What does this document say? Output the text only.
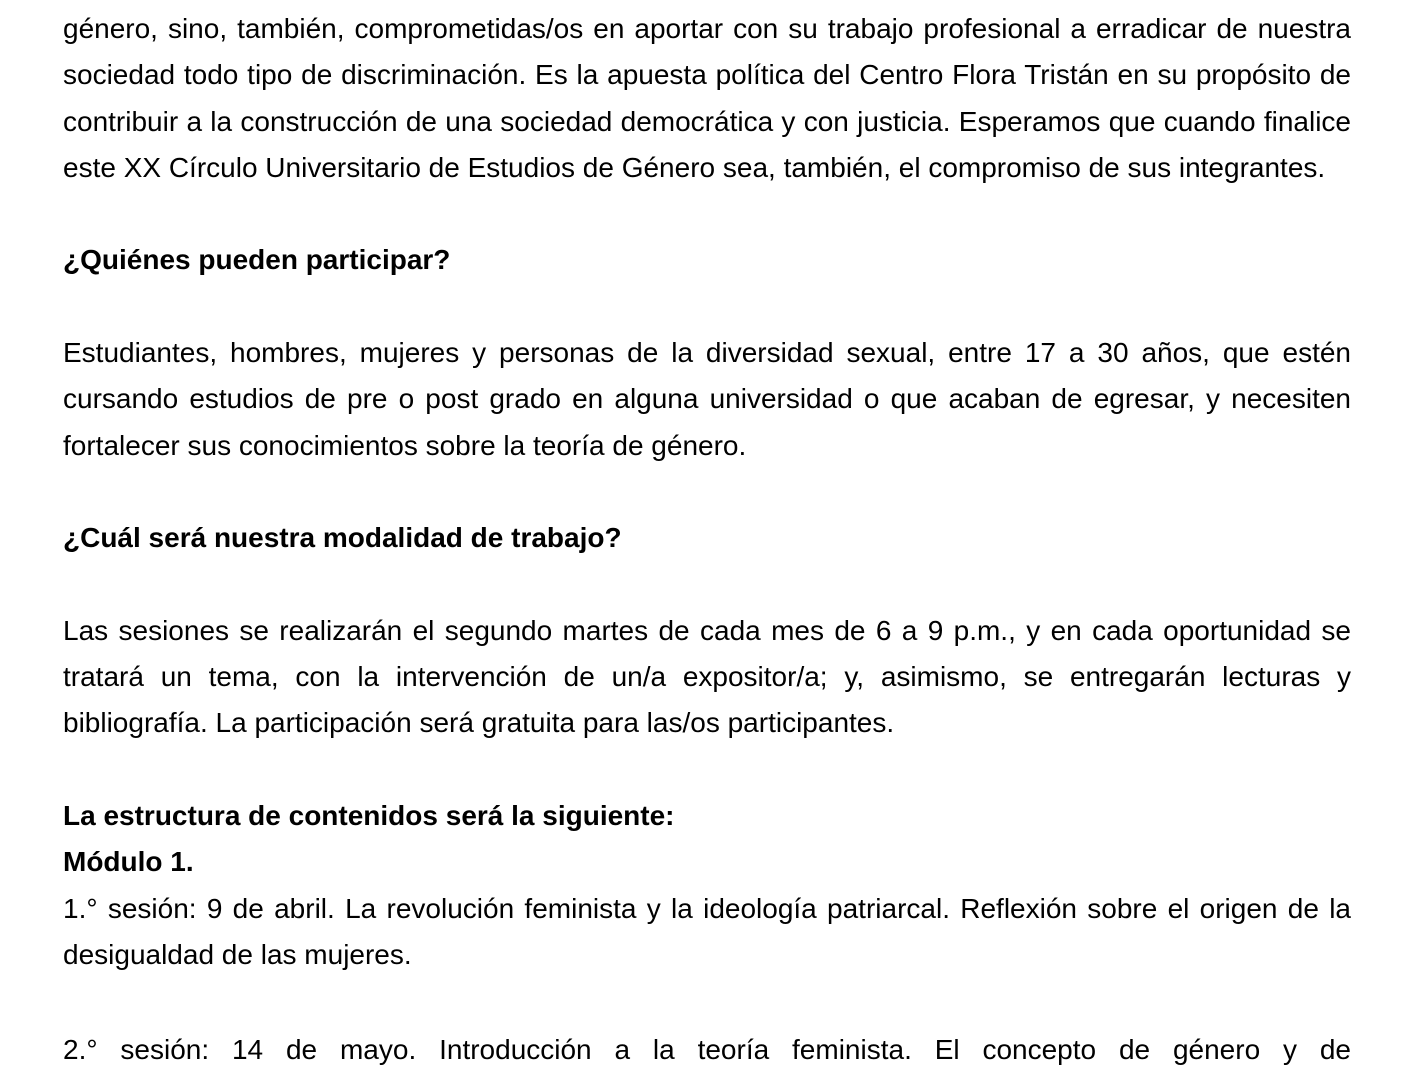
género, sino, también, comprometidas/os en aportar con su trabajo profesional a erradicar de nuestra sociedad todo tipo de discriminación. Es la apuesta política del Centro Flora Tristán en su propósito de contribuir a la construcción de una sociedad democrática y con justicia. Esperamos que cuando finalice este XX Círculo Universitario de Estudios de Género sea, también, el compromiso de sus integrantes.

¿Quiénes pueden participar?

Estudiantes, hombres, mujeres y personas de la diversidad sexual, entre 17 a 30 años, que estén cursando estudios de pre o post grado en alguna universidad o que acaban de egresar, y necesiten fortalecer sus conocimientos sobre la teoría de género.

¿Cuál será nuestra modalidad de trabajo?

Las sesiones se realizarán el segundo martes de cada mes de 6 a 9 p.m., y en cada oportunidad se tratará un tema, con la intervención de un/a expositor/a; y, asimismo, se entregarán lecturas y bibliografía. La participación será gratuita para las/os participantes.

La estructura de contenidos será la siguiente:

Módulo 1.

1.° sesión: 9 de abril. La revolución feminista y la ideología patriarcal. Reflexión sobre el origen de la desigualdad de las mujeres.

2.° sesión: 14 de mayo. Introducción a la teoría feminista. El concepto de género y de
